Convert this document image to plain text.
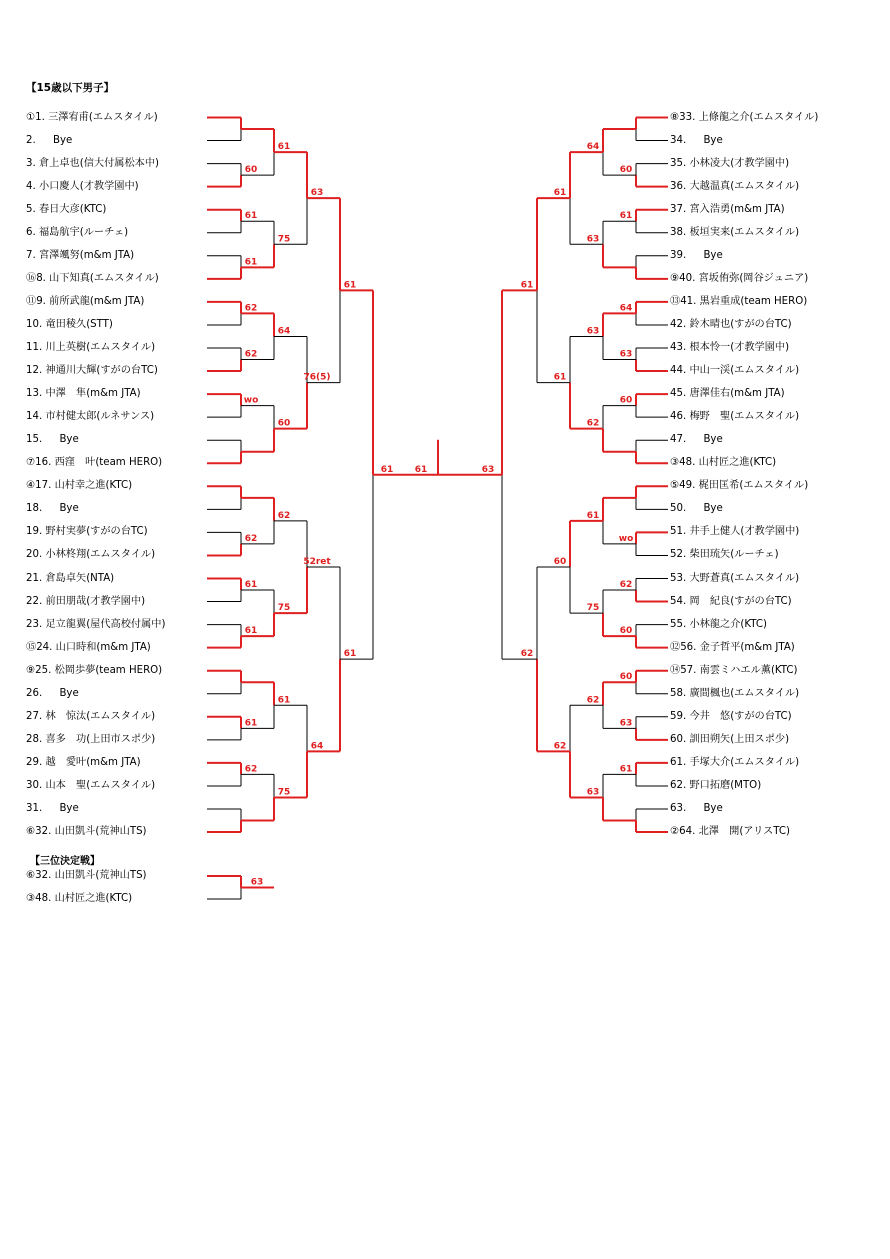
【15歳以下男子】
①1. 三澤宥甫(エムスタイル)
2. Bye
3. 倉上卓也(信大付属松本中)
4. 小口慶人(才教学園中)
5. 春日大彦(KTC)
6. 福島航宇(ルーチェ)
7. 宮澤颯努(m&m JTA)
⑯8. 山下知真(エムスタイル)
⑪9. 前所武龍(m&m JTA)
10. 竜田稜久(STT)
11. 川上英樹(エムスタイル)
12. 神通川大輝(すがの台TC)
13. 中澤　隼(m&m JTA)
14. 市村健太郎(ルネサンス)
15. Bye
⑦16. 西窪　叶(team HERO)
④17. 山村幸之進(KTC)
18. Bye
19. 野村実夢(すがの台TC)
20. 小林柊翔(エムスタイル)
21. 倉島卓矢(NTA)
22. 前田朋哉(才教学園中)
23. 足立龍翼(屋代高校付属中)
⑮24. 山口時和(m&m JTA)
⑨25. 松岡歩夢(team HERO)
26. Bye
27. 林　惊汰(エムスタイル)
28. 喜多　功(上田市スポ少)
29. 越　愛叶(m&m JTA)
30. 山本　聖(エムスタイル)
31. Bye
⑥32. 山田凱斗(荒神山TS)
⑧33. 上條龍之介(エムスタイル)
34. Bye
35. 小林凌大(才教学園中)
36. 大越温真(エムスタイル)
37. 宮入浩勇(m&m JTA)
38. 板垣実来(エムスタイル)
39. Bye
⑨40. 宮坂侑弥(岡谷ジュニア)
⑬41. 黒岩重成(team HERO)
42. 鈴木晴也(すがの台TC)
43. 根本怜一(才教学園中)
44. 中山一渓(エムスタイル)
45. 唐澤佳右(m&m JTA)
46. 梅野　聖(エムスタイル)
47. Bye
③48. 山村匠之進(KTC)
⑤49. 梶田匡希(エムスタイル)
50. Bye
51. 井手上健人(才教学園中)
52. 柴田琉矢(ルーチェ)
53. 大野蒼真(エムスタイル)
54. 岡　紀良(すがの台TC)
55. 小林龍之介(KTC)
⑫56. 金子哲平(m&m JTA)
⑭57. 南雲ミハエル薫(KTC)
58. 廣間楓也(エムスタイル)
59. 今井　悠(すがの台TC)
60. 訓田朔矢(上田スポ少)
61. 手塚大介(エムスタイル)
62. 野口拓磨(MTO)
63. Bye
②64. 北澤　開(アリスTC)
⑥32. 山田凱斗(荒神山TS)
③48. 山村匠之進(KTC)
60
61
61
62
62
wo
62
61
61
61
62
61
75
64
60
62
75
61
75
63
76(5)
52ret
64
61
61
61
60
61
64
63
60
wo
62
60
60
63
61
64
63
63
62
61
75
62
63
61
61
60
62
61
62
63
61
63
【三位決定戦】
